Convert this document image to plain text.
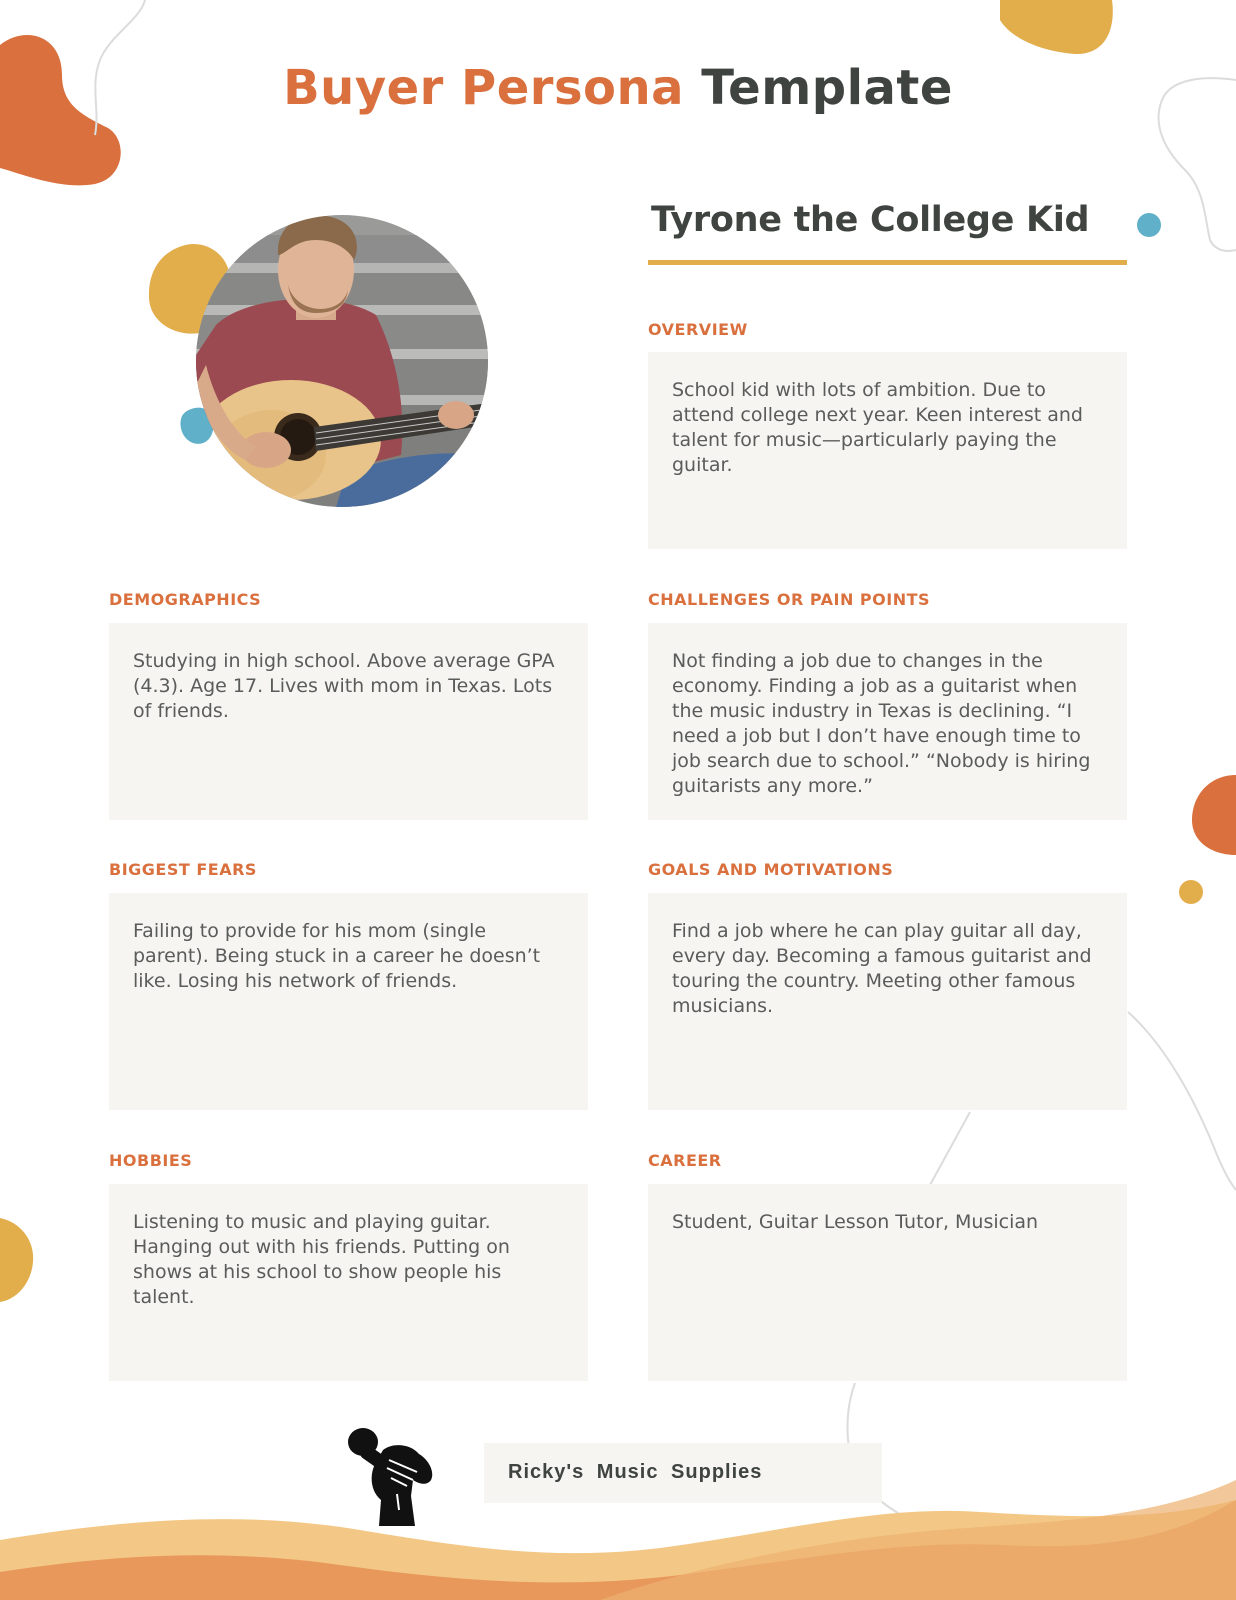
Buyer Persona Template
Tyrone the College Kid
OVERVIEW
School kid with lots of ambition. Due to attend college next year. Keen interest and talent for music—particularly paying the guitar.
DEMOGRAPHICS
Studying in high school. Above average GPA (4.3). Age 17. Lives with mom in Texas. Lots of friends.
CHALLENGES OR PAIN POINTS
Not finding a job due to changes in the economy. Finding a job as a guitarist when the music industry in Texas is declining. “I need a job but I don’t have enough time to job search due to school.” “Nobody is hiring guitarists any more.”
BIGGEST FEARS
Failing to provide for his mom (single parent). Being stuck in a career he doesn’t like. Losing his network of friends.
GOALS AND MOTIVATIONS
Find a job where he can play guitar all day, every day. Becoming a famous guitarist and touring the country. Meeting other famous musicians.
HOBBIES
Listening to music and playing guitar. Hanging out with his friends. Putting on shows at his school to show people his talent.
CAREER
Student, Guitar Lesson Tutor, Musician
Ricky's Music Supplies
